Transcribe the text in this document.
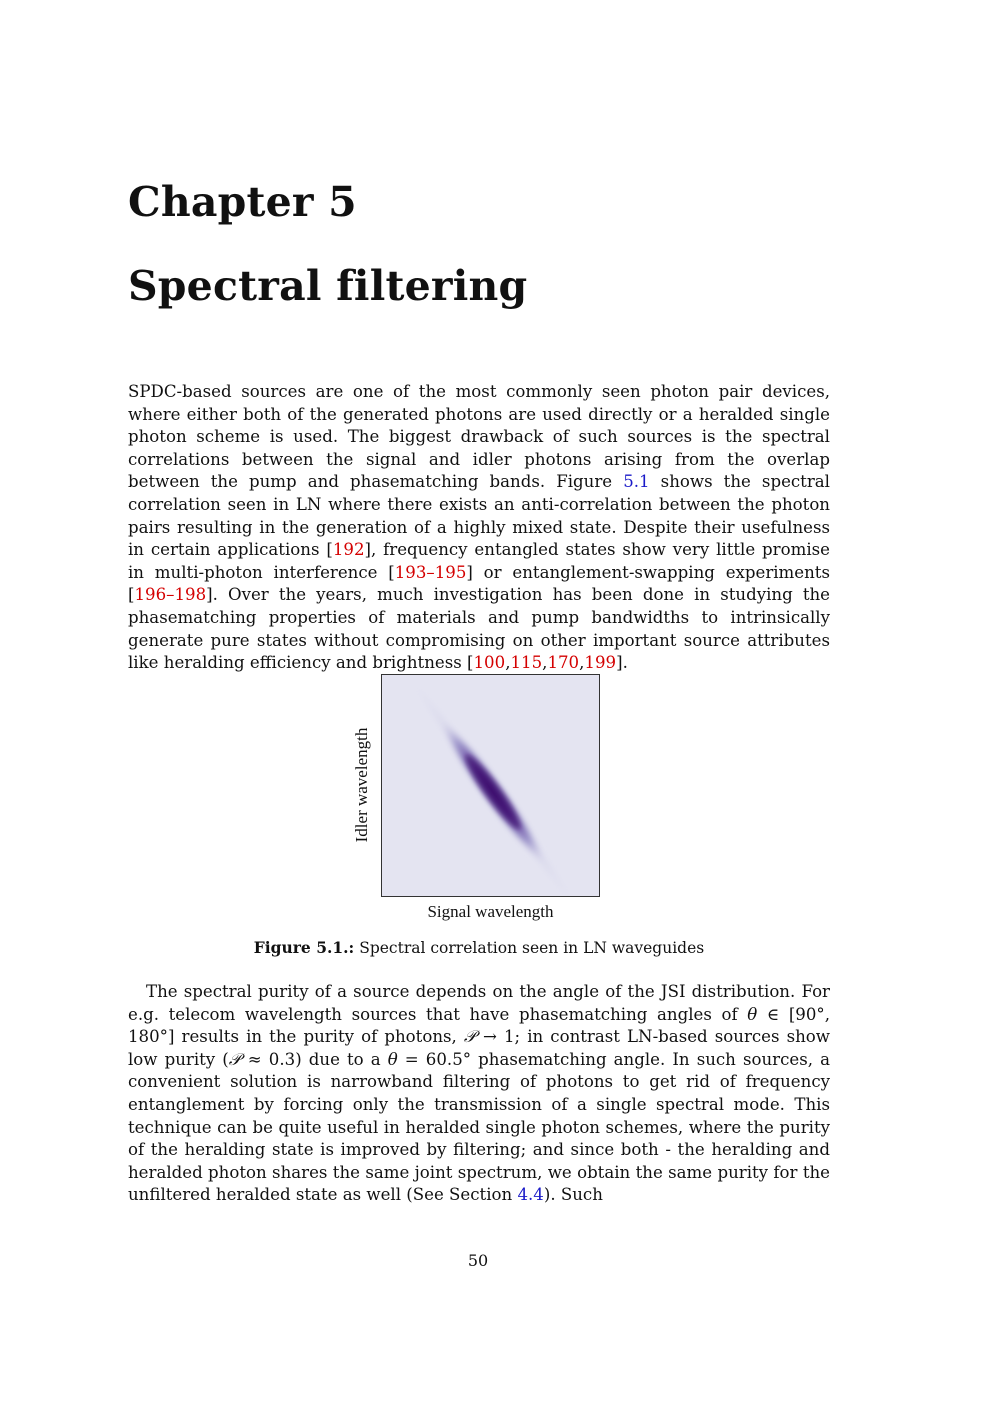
Chapter 5
Spectral filtering

SPDC-based sources are one of the most commonly seen photon pair devices, where either both of the generated photons are used directly or a heralded single photon scheme is used. The biggest drawback of such sources is the spectral correlations between the signal and idler photons arising from the overlap between the pump and phasematching bands. Figure 5.1 shows the spectral correlation seen in LN where there exists an anti-correlation between the photon pairs resulting in the generation of a highly mixed state. Despite their usefulness in certain applications [192], frequency entangled states show very little promise in multi-photon interference [193–195] or entanglement-swapping experiments [196–198]. Over the years, much investigation has been done in studying the phasematching properties of materials and pump bandwidths to intrinsically generate pure states without compromising on other important source attributes like heralding efficiency and brightness [100,115,170,199].

Idler wavelength
Signal wavelength

Figure 5.1.: Spectral correlation seen in LN waveguides

The spectral purity of a source depends on the angle of the JSI distribution. For e.g. telecom wavelength sources that have phasematching angles of θ ∈ [90°, 180°] results in the purity of photons, 𝒫 → 1; in contrast LN-based sources show low purity (𝒫 ≈ 0.3) due to a θ = 60.5° phasematching angle. In such sources, a convenient solution is narrowband filtering of photons to get rid of frequency entanglement by forcing only the transmission of a single spectral mode. This technique can be quite useful in heralded single photon schemes, where the purity of the heralding state is improved by filtering; and since both - the heralding and heralded photon shares the same joint spectrum, we obtain the same purity for the unfiltered heralded state as well (See Section 4.4). Such

50
